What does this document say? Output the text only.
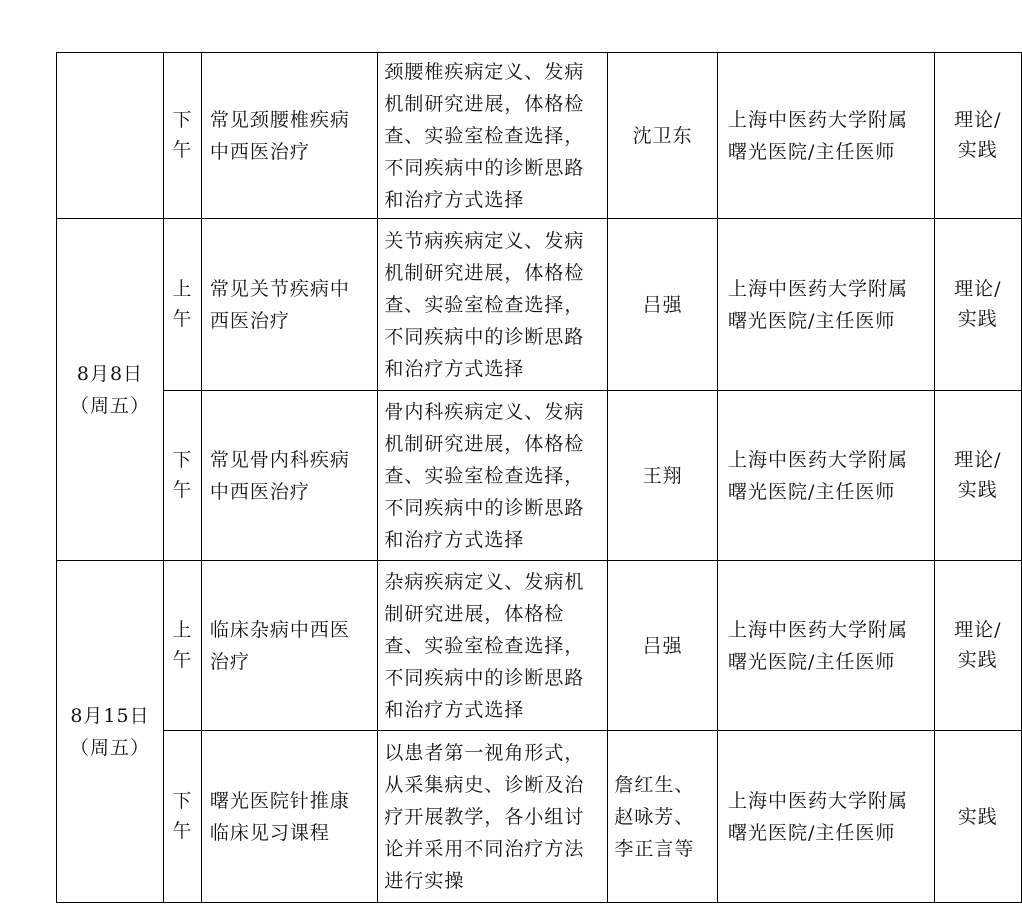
	下午	常见颈腰椎疾病中西医治疗	颈腰椎疾病定义、发病机制研究进展，体格检查、实验室检查选择，不同疾病中的诊断思路和治疗方式选择	沈卫东	上海中医药大学附属曙光医院/主任医师	理论/实践

8月8日
（周五）	上午	常见关节疾病中西医治疗	关节病疾病定义、发病机制研究进展，体格检查、实验室检查选择，不同疾病中的诊断思路和治疗方式选择	吕强	上海中医药大学附属曙光医院/主任医师	理论/实践
	下午	常见骨内科疾病中西医治疗	骨内科疾病定义、发病机制研究进展，体格检查、实验室检查选择，不同疾病中的诊断思路和治疗方式选择	王翔	上海中医药大学附属曙光医院/主任医师	理论/实践

8月15日
（周五）	上午	临床杂病中西医治疗	杂病疾病定义、发病机制研究进展，体格检查、实验室检查选择，不同疾病中的诊断思路和治疗方式选择	吕强	上海中医药大学附属曙光医院/主任医师	理论/实践
	下午	曙光医院针推康临床见习课程	以患者第一视角形式，从采集病史、诊断及治疗开展教学，各小组讨论并采用不同治疗方法进行实操	詹红生、赵咏芳、李正言等	上海中医药大学附属曙光医院/主任医师	实践
